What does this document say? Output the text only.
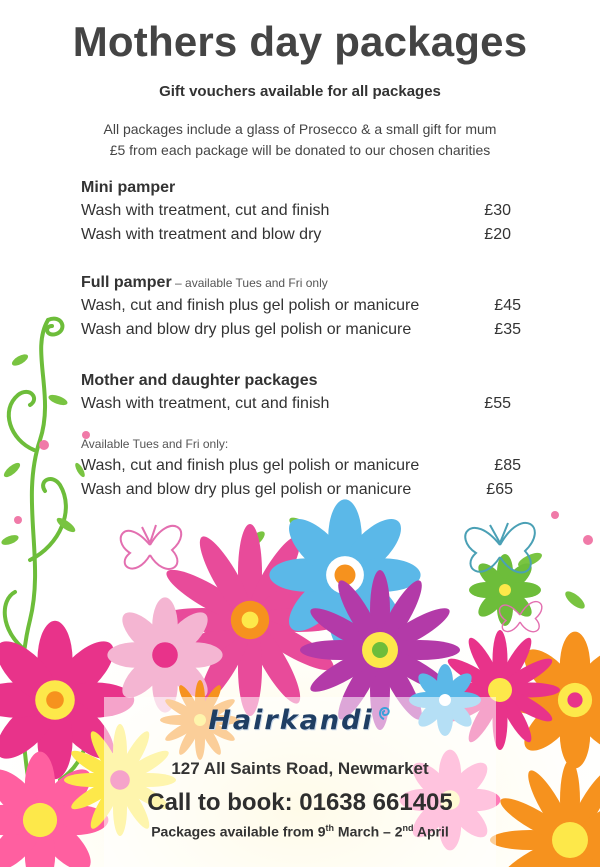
Mothers day packages
Gift vouchers available for all packages
All packages include a glass of Prosecco & a small gift for mum
£5 from each package will be donated to our chosen charities
Mini pamper
Wash with treatment, cut and finish	£30
Wash with treatment and blow dry	£20
Full pamper – available Tues and Fri only
Wash, cut and finish plus gel polish or manicure	£45
Wash and blow dry plus gel polish or manicure	£35
Mother and daughter packages
Wash with treatment, cut and finish	£55
Available Tues and Fri only:
Wash, cut and finish plus gel polish or manicure	£85
Wash and blow dry plus gel polish or manicure	£65
Hairkandi
127 All Saints Road, Newmarket
Call to book: 01638 661405
Packages available from 9th March – 2nd April
